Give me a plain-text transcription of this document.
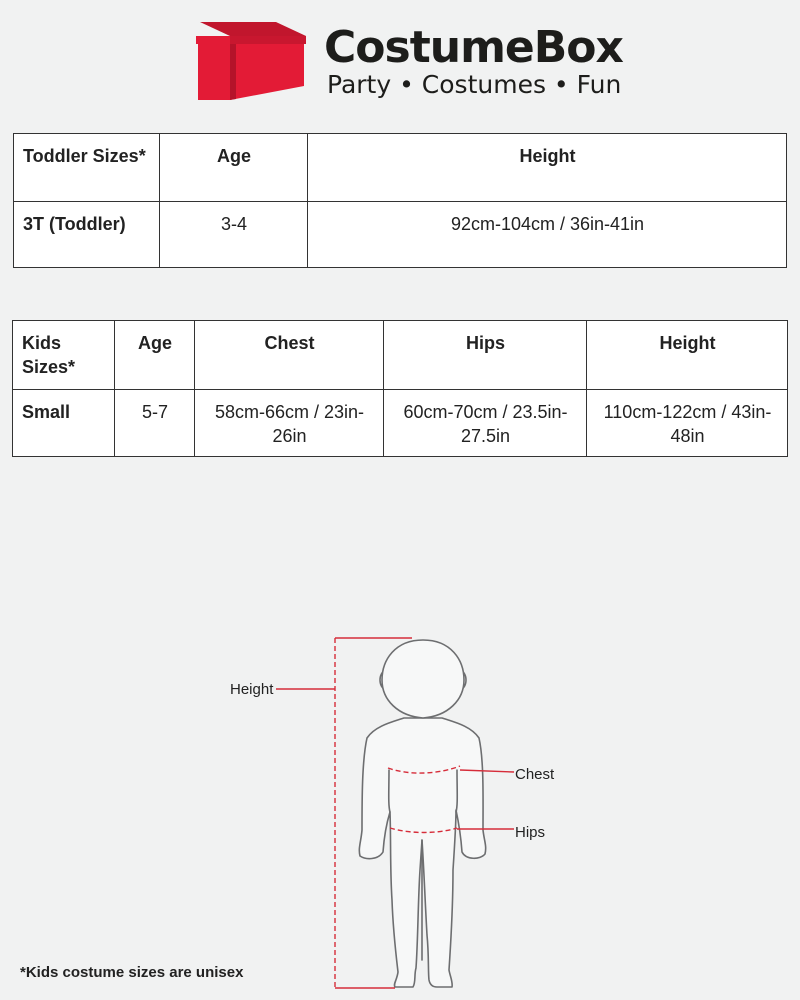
CostumeBox
Party • Costumes • Fun
Toddler Sizes*	Age	Height
3T (Toddler)	3-4	92cm-104cm / 36in-41in
Kids Sizes*	Age	Chest	Hips	Height
Small	5-7	58cm-66cm / 23in-26in	60cm-70cm / 23.5in-27.5in	110cm-122cm / 43in-48in
Height
Chest
Hips
*Kids costume sizes are unisex
